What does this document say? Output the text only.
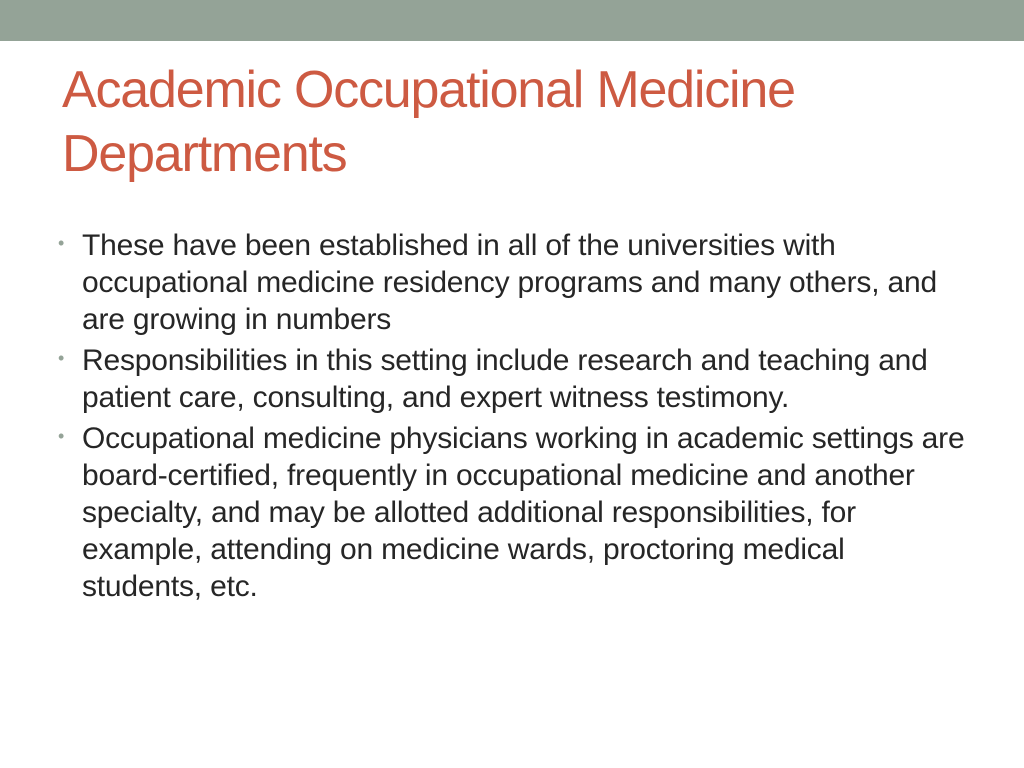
Academic Occupational Medicine Departments
• These have been established in all of the universities with occupational medicine residency programs and many others, and are growing in numbers
• Responsibilities in this setting include research and teaching and patient care, consulting, and expert witness testimony.
• Occupational medicine physicians working in academic settings are board-certified, frequently in occupational medicine and another specialty, and may be allotted additional responsibilities, for example, attending on medicine wards, proctoring medical students, etc.
